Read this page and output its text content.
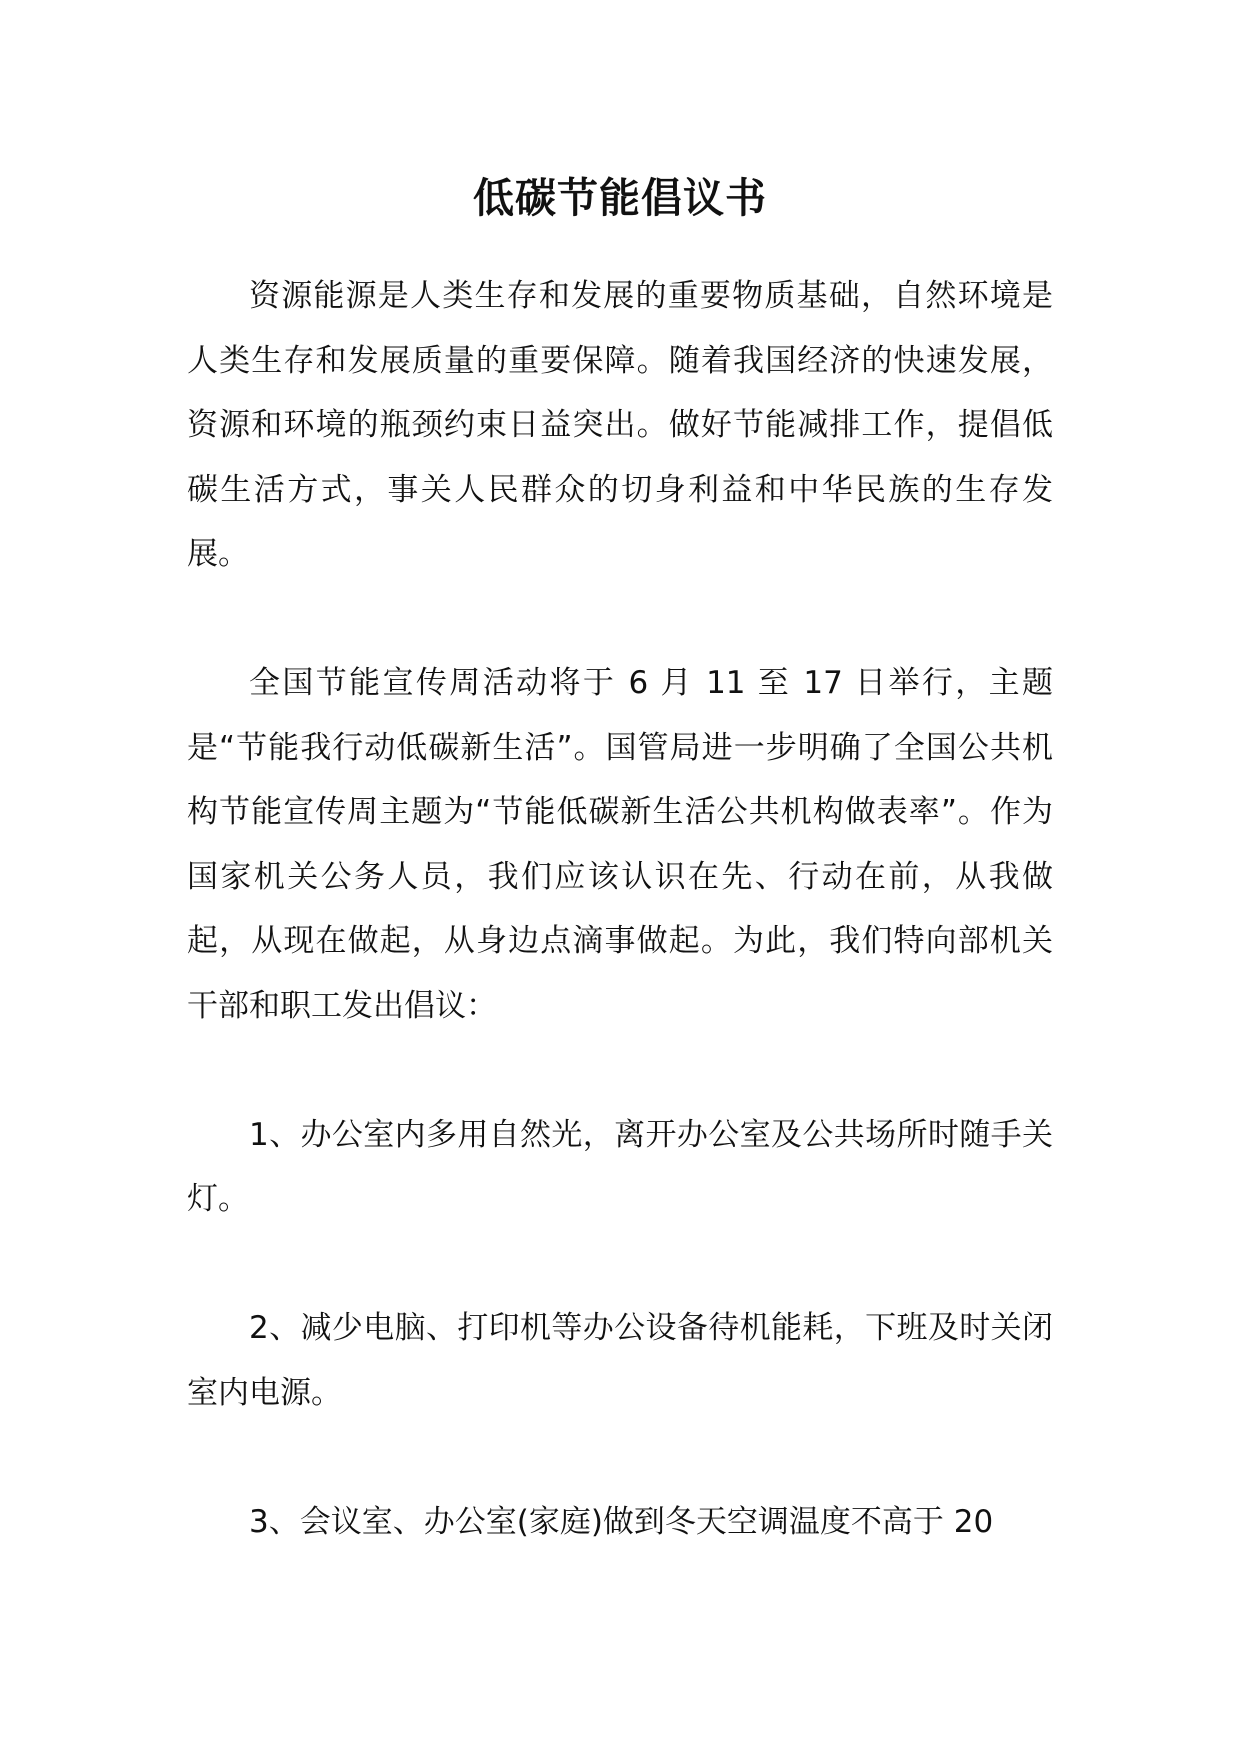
低碳节能倡议书

资源能源是人类生存和发展的重要物质基础，自然环境是人类生存和发展质量的重要保障。随着我国经济的快速发展，资源和环境的瓶颈约束日益突出。做好节能减排工作，提倡低碳生活方式，事关人民群众的切身利益和中华民族的生存发展。

全国节能宣传周活动将于 6 月 11 至 17 日举行，主题是“节能我行动低碳新生活”。国管局进一步明确了全国公共机构节能宣传周主题为“节能低碳新生活公共机构做表率”。作为国家机关公务人员，我们应该认识在先、行动在前，从我做起，从现在做起，从身边点滴事做起。为此，我们特向部机关干部和职工发出倡议：

1、办公室内多用自然光，离开办公室及公共场所时随手关灯。

2、减少电脑、打印机等办公设备待机能耗，下班及时关闭室内电源。

3、会议室、办公室(家庭)做到冬天空调温度不高于 20
